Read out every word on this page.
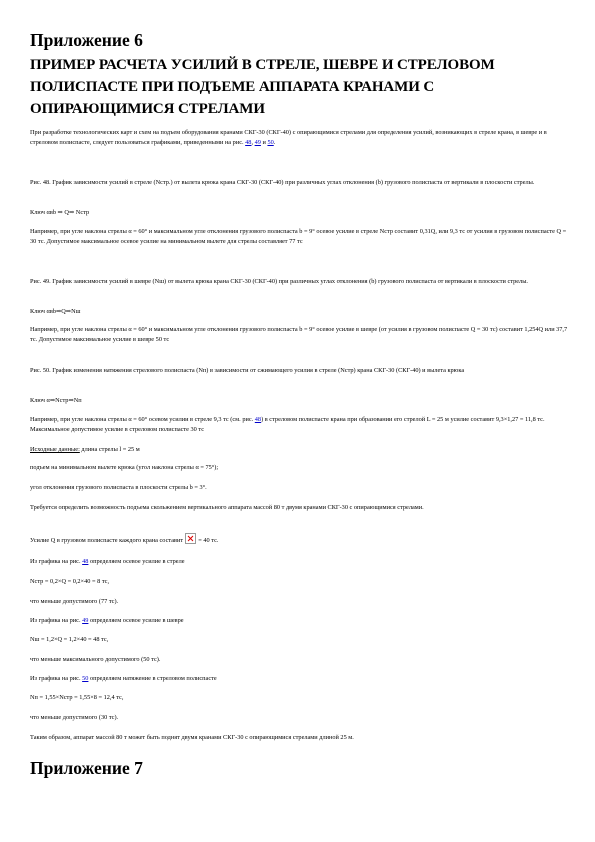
Приложение 6
ПРИМЕР РАСЧЕТА УСИЛИЙ В СТРЕЛЕ, ШЕВРЕ И СТРЕЛОВОМ ПОЛИСПАСТЕ ПРИ ПОДЪЕМЕ АППАРАТА КРАНАМИ С ОПИРАЮЩИМИСЯ СТРЕЛАМИ

При разработке технологических карт и схем на подъем оборудования кранами СКГ-30 (СКГ-40) с опирающимися стрелами для определения усилий, возникающих в стреле крана, в шевре и в стреловом полиспасте, следует пользоваться графиками, приведенными на рис. 48, 49 и 50.

Рис. 48. График зависимости усилий в стреле (Nстр.) от вылета крюка крана СКГ-30 (СКГ-40) при различных углах отклонения (b) грузового полиспаста от вертикали в плоскости стрелы.

Ключ αвb ⇒ Q⇒ Nстр

Например, при угле наклона стрелы α = 60° и максимальном угле отклонения грузового полиспаста b = 9° осевое усилие в стреле Nстр составит 0,31Q, или 9,3 тс от усилия в грузовом полиспасте Q = 30 тс. Допустимое максимальное осевое усилие на минимальном вылете для стрелы составляет 77 тс

Рис. 49. График зависимости усилий в шевре (Nш) от вылета крюка крана СКГ-30 (СКГ-40) при различных углах отклонения (b) грузового полиспаста от вертикали в плоскости стрелы.

Ключ αвb⇒Q⇒Nш

Например, при угле наклона стрелы α = 60° и максимальном угле отклонения грузового полиспаста b = 9° осевое усилие в шевре (от усилия в грузовом полиспасте Q = 30 тс) составит 1,254Q или 37,7 тс. Допустимое максимальное усилие в шевре 50 тс

Рис. 50. График изменения натяжения стрелового полиспаста (Nп) в зависимости от сжимающего усилия в стреле (Nстр) крана СКГ-30 (СКГ-40) и вылета крюка

Ключ α⇒Nстр⇒Nп

Например, при угле наклона стрелы α = 60° осевом усилии в стреле 9,3 тс (см. рис. 48) в стреловом полиспасте крана при образовании его стрелой L = 25 м усилие составит 9,3×1,27 = 11,8 тс. Максимальное допустимое усилие в стреловом полиспасте 30 тс

Исходные данные: длина стрелы l = 25 м

подъем на минимальном вылете крюка (угол наклона стрелы α = 75°);

угол отклонения грузового полиспаста в плоскости стрелы b = 3°.

Требуется определить возможность подъема скольжением вертикального аппарата массой 80 т двумя кранами СКГ-30 с опирающимися стрелами.

Усилие Q в грузовом полиспасте каждого крана составит  = 40 тс.

Из графика на рис. 48 определяем осевое усилие в стреле

Nстр = 0,2×Q = 0,2×40 = 8 тс,

что меньше допустимого (77 тс).

Из графика на рис. 49 определяем осевое усилие в шевре

Nш = 1,2×Q = 1,2×40 = 48 тс,

что меньше максимального допустимого (50 тс).

Из графика на рис. 50 определяем натяжение в стреловом полиспасте

Nп = 1,55×Nстр = 1,55×8 = 12,4 тс,

что меньше допустимого (30 тс).

Таким образом, аппарат массой 80 т может быть поднят двумя кранами СКГ-30 с опирающимися стрелами длиной 25 м.

Приложение 7
